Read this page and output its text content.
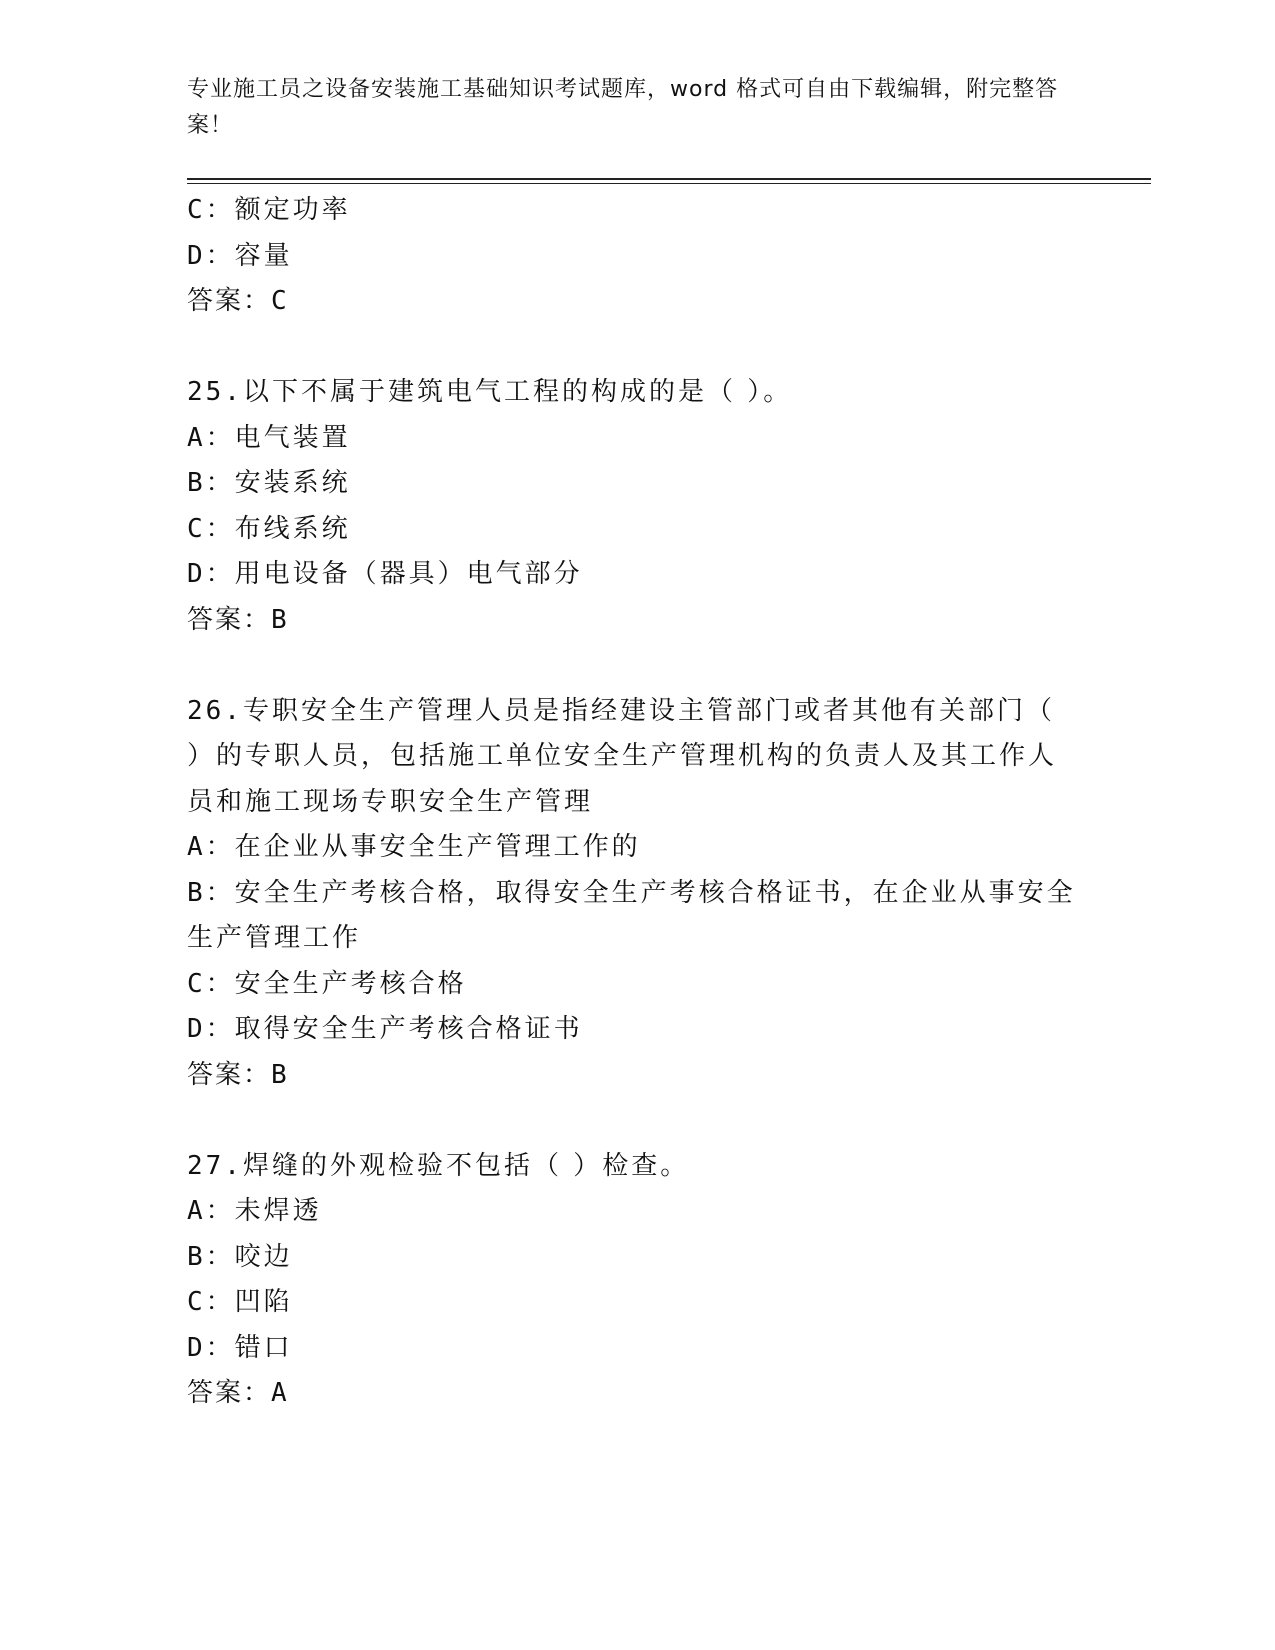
专业施工员之设备安装施工基础知识考试题库，word 格式可自由下载编辑，附完整答案！
C：额定功率
D：容量
答案：C
25.以下不属于建筑电气工程的构成的是（ ）。
A：电气装置
B：安装系统
C：布线系统
D：用电设备（器具）电气部分
答案：B
26.专职安全生产管理人员是指经建设主管部门或者其他有关部门（
）的专职人员，包括施工单位安全生产管理机构的负责人及其工作人
员和施工现场专职安全生产管理
A：在企业从事安全生产管理工作的
B：安全生产考核合格，取得安全生产考核合格证书，在企业从事安全
生产管理工作
C：安全生产考核合格
D：取得安全生产考核合格证书
答案：B
27.焊缝的外观检验不包括（ ）检查。
A：未焊透
B：咬边
C：凹陷
D：错口
答案：A
